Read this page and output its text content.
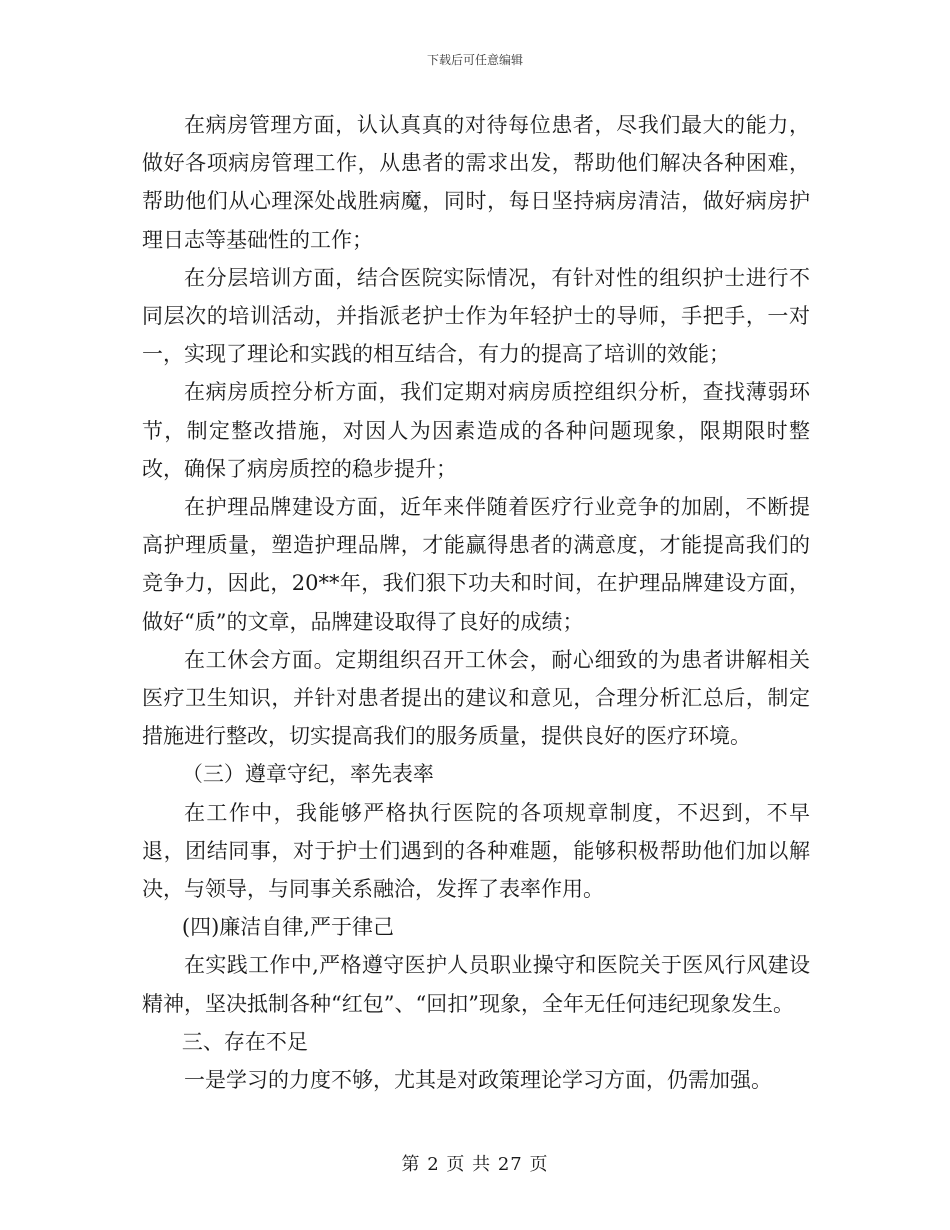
下载后可任意编辑

在病房管理方面，认认真真的对待每位患者，尽我们最大的能力，做好各项病房管理工作，从患者的需求出发，帮助他们解决各种困难，帮助他们从心理深处战胜病魔，同时，每日坚持病房清洁，做好病房护理日志等基础性的工作；

在分层培训方面，结合医院实际情况，有针对性的组织护士进行不同层次的培训活动，并指派老护士作为年轻护士的导师，手把手，一对一，实现了理论和实践的相互结合，有力的提高了培训的效能；

在病房质控分析方面，我们定期对病房质控组织分析，查找薄弱环节，制定整改措施，对因人为因素造成的各种问题现象，限期限时整改，确保了病房质控的稳步提升；

在护理品牌建设方面，近年来伴随着医疗行业竞争的加剧，不断提高护理质量，塑造护理品牌，才能赢得患者的满意度，才能提高我们的竞争力，因此，20**年，我们狠下功夫和时间，在护理品牌建设方面，做好“质”的文章，品牌建设取得了良好的成绩；

在工休会方面。定期组织召开工休会，耐心细致的为患者讲解相关医疗卫生知识，并针对患者提出的建议和意见，合理分析汇总后，制定措施进行整改，切实提高我们的服务质量，提供良好的医疗环境。

（三）遵章守纪，率先表率

在工作中，我能够严格执行医院的各项规章制度，不迟到，不早退，团结同事，对于护士们遇到的各种难题，能够积极帮助他们加以解决，与领导，与同事关系融洽，发挥了表率作用。

(四)廉洁自律,严于律己

在实践工作中,严格遵守医护人员职业操守和医院关于医风行风建设精神，坚决抵制各种“红包”、“回扣”现象，全年无任何违纪现象发生。

三、存在不足

一是学习的力度不够，尤其是对政策理论学习方面，仍需加强。

第 2 页 共 27 页
